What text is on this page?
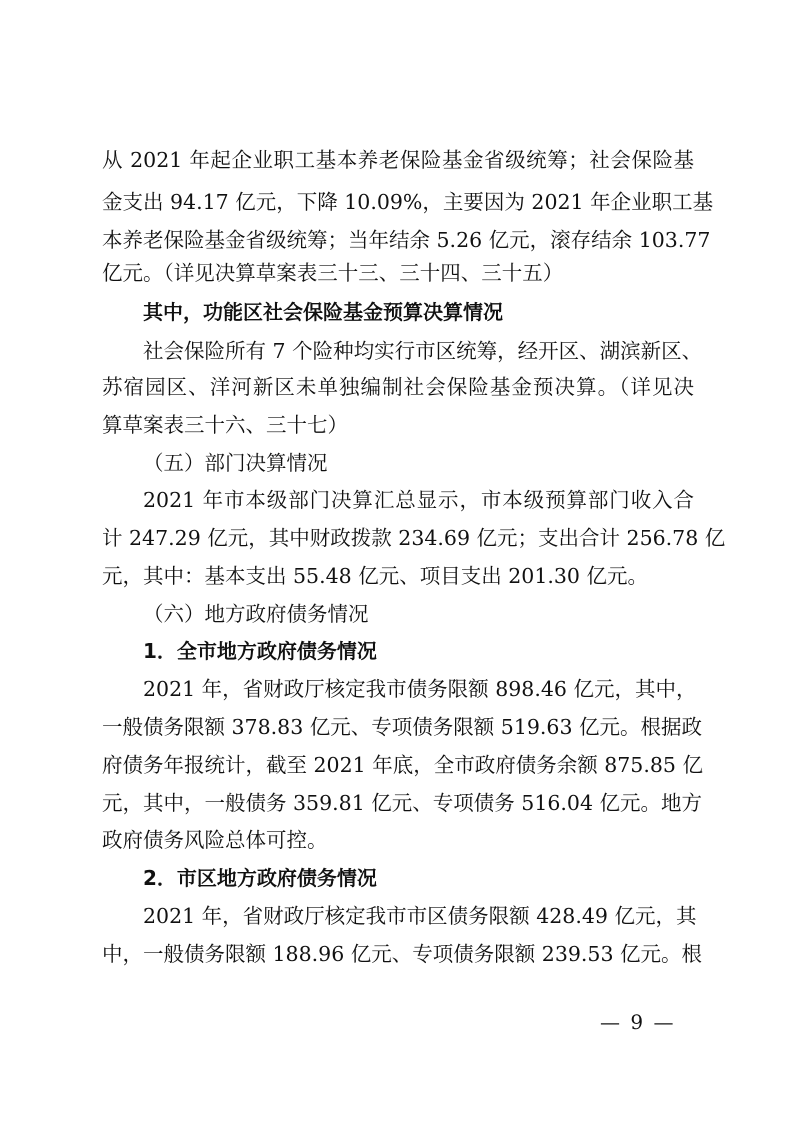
从 2021 年起企业职工基本养老保险基金省级统筹；社会保险基
金支出 94.17 亿元，下降 10.09%，主要因为 2021 年企业职工基
本养老保险基金省级统筹；当年结余 5.26 亿元，滚存结余 103.77
亿元。（详见决算草案表三十三、三十四、三十五）
其中，功能区社会保险基金预算决算情况
社会保险所有 7 个险种均实行市区统筹，经开区、湖滨新区、
苏宿园区、洋河新区未单独编制社会保险基金预决算。（详见决
算草案表三十六、三十七）
（五）部门决算情况
2021 年市本级部门决算汇总显示，市本级预算部门收入合
计 247.29 亿元，其中财政拨款 234.69 亿元；支出合计 256.78 亿
元，其中：基本支出 55.48 亿元、项目支出 201.30 亿元。
（六）地方政府债务情况
1．全市地方政府债务情况
2021 年，省财政厅核定我市债务限额 898.46 亿元，其中，
一般债务限额 378.83 亿元、专项债务限额 519.63 亿元。根据政
府债务年报统计，截至 2021 年底，全市政府债务余额 875.85 亿
元，其中，一般债务 359.81 亿元、专项债务 516.04 亿元。地方
政府债务风险总体可控。
2．市区地方政府债务情况
2021 年，省财政厅核定我市市区债务限额 428.49 亿元，其
中，一般债务限额 188.96 亿元、专项债务限额 239.53 亿元。根
— 9 —
